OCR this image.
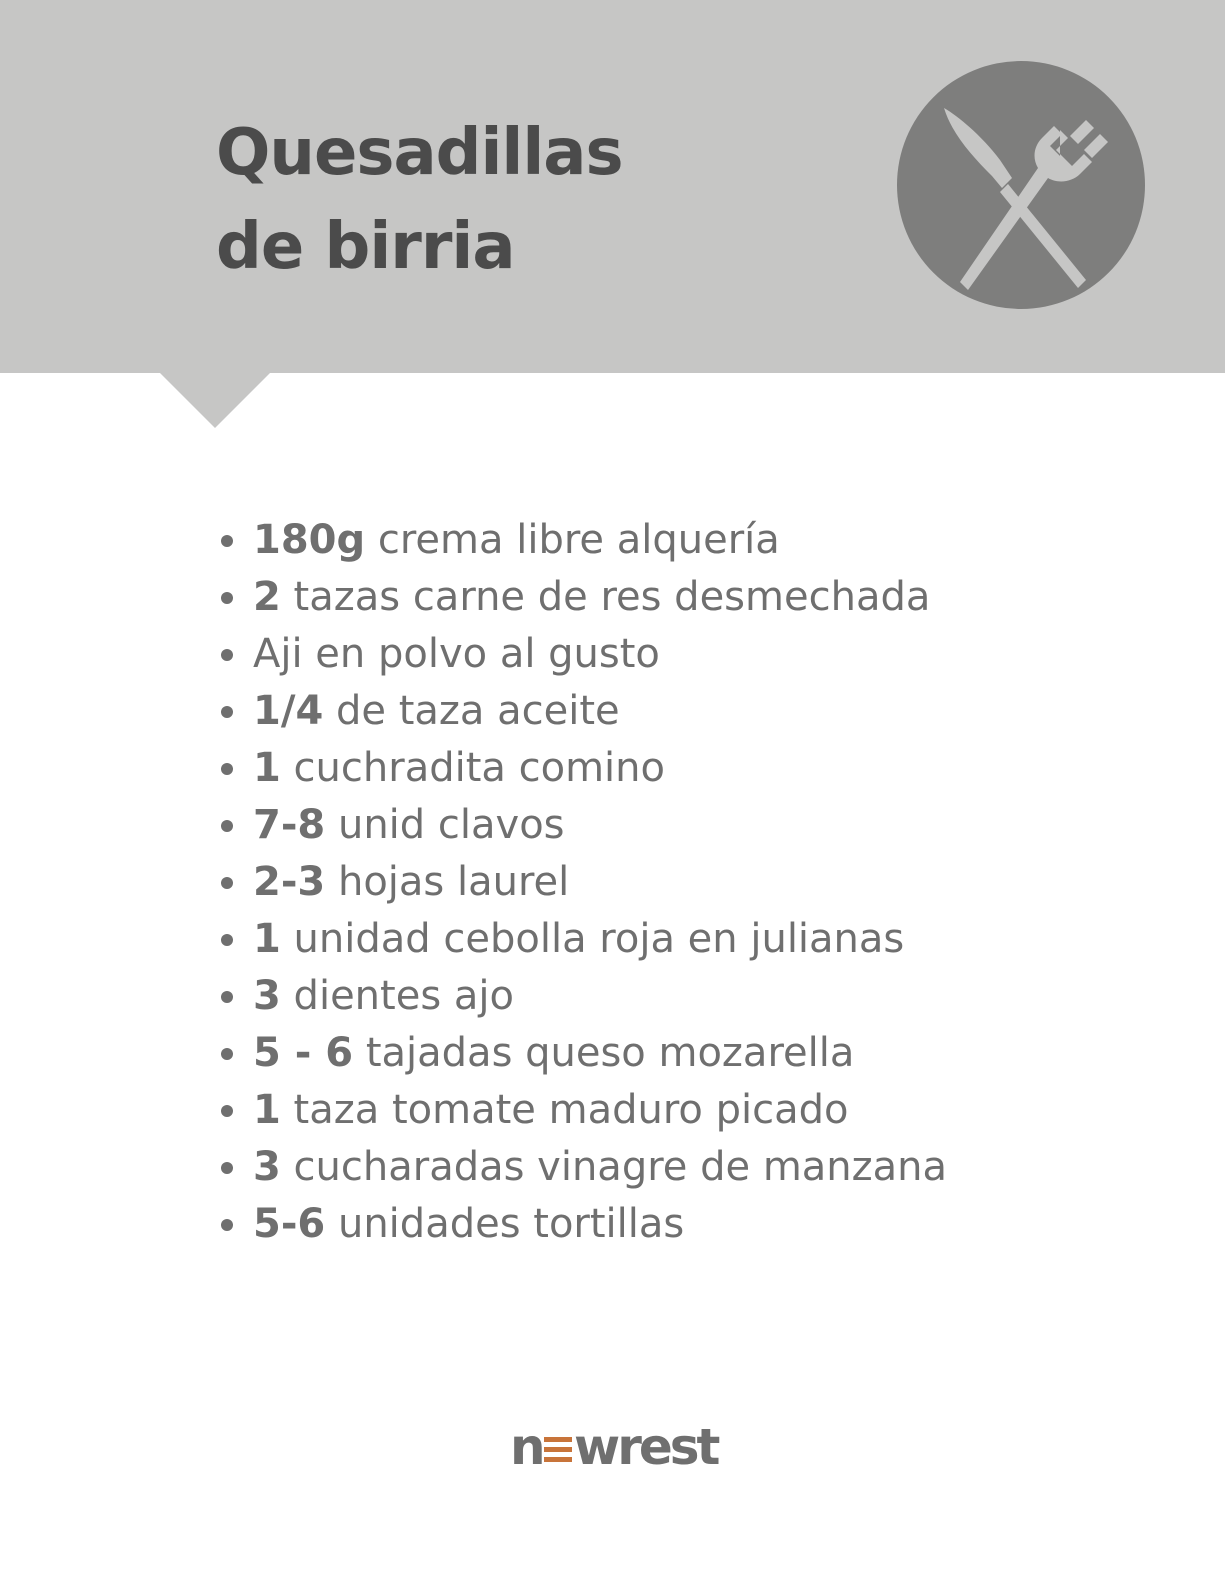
Quesadillas
de birria
180g crema libre alquería
2 tazas carne de res desmechada
Aji en polvo al gusto
1/4 de taza aceite
1 cuchradita comino
7-8 unid clavos
2-3 hojas laurel
1 unidad cebolla roja en julianas
3 dientes ajo
5 - 6 tajadas queso mozarella
1 taza tomate maduro picado
3 cucharadas vinagre de manzana
5-6 unidades tortillas
n wrest
